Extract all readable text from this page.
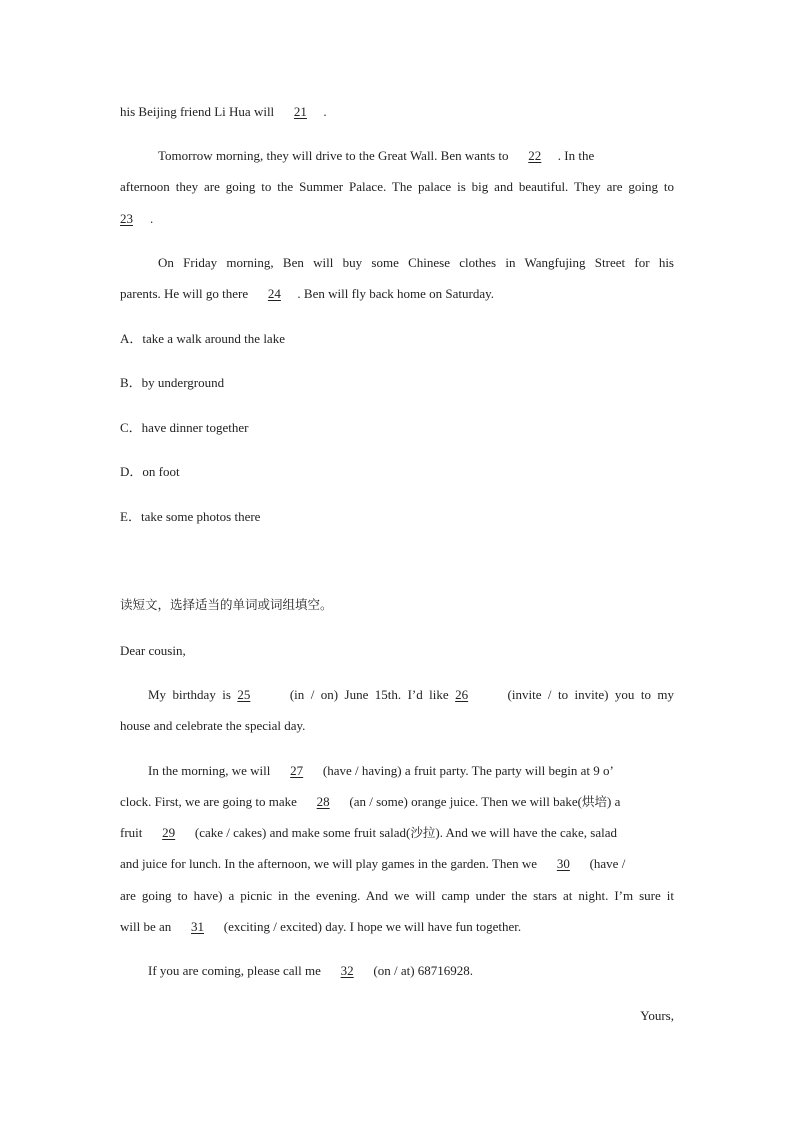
his Beijing friend Li Hua will 21 .
Tomorrow morning, they will drive to the Great Wall. Ben wants to 22 . In the
afternoon they are going to the Summer Palace. The palace is big and beautiful. They are going to
23 .
On Friday morning, Ben will buy some Chinese clothes in Wangfujing Street for his
parents. He will go there 24 . Ben will fly back home on Saturday.
A．take a walk around the lake
B．by underground
C．have dinner together
D．on foot
E．take some photos there
读短文，选择适当的单词或词组填空。
Dear cousin,
My birthday is 25	(in / on) June 15th. I’d like 26	(invite / to invite) you to my
house and celebrate the special day.
In the morning, we will 27 (have / having) a fruit party. The party will begin at 9 o’
clock. First, we are going to make 28 (an / some) orange juice. Then we will bake(烘培) a
fruit 29 (cake / cakes) and make some fruit salad(沙拉). And we will have the cake, salad
and juice for lunch. In the afternoon, we will play games in the garden. Then we 30 (have /
are going to have) a picnic in the evening. And we will camp under the stars at night. I’m sure it
will be an 31 (exciting / excited) day. I hope we will have fun together.
If you are coming, please call me 32 (on / at) 68716928.
Yours,
